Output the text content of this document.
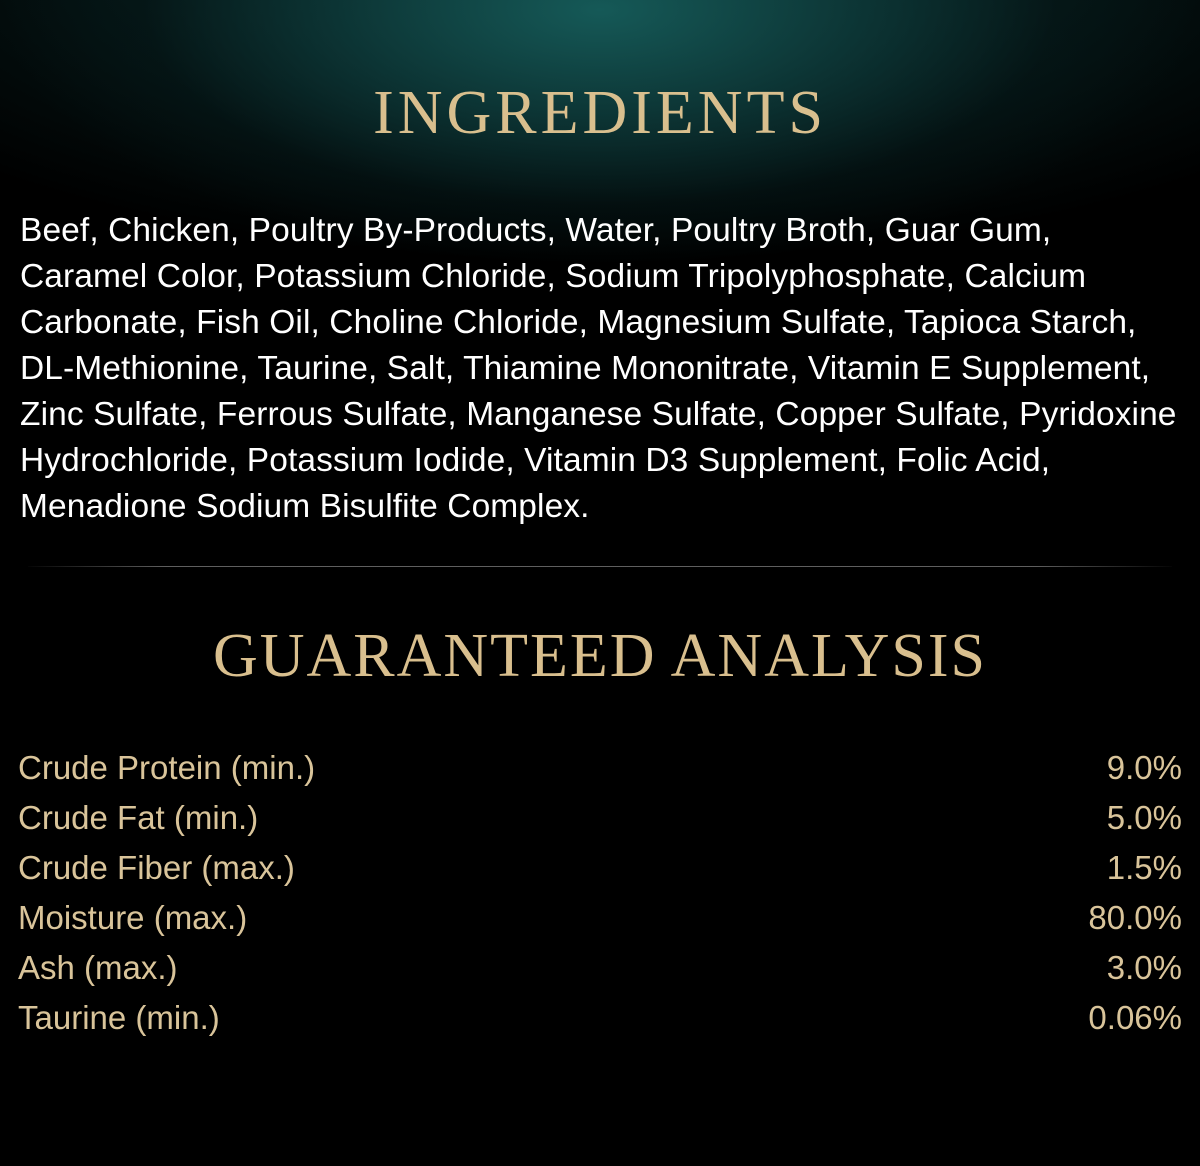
INGREDIENTS

Beef, Chicken, Poultry By-Products, Water, Poultry Broth, Guar Gum, Caramel Color, Potassium Chloride, Sodium Tripolyphosphate, Calcium Carbonate, Fish Oil, Choline Chloride, Magnesium Sulfate, Tapioca Starch, DL-Methionine, Taurine, Salt, Thiamine Mononitrate, Vitamin E Supplement, Zinc Sulfate, Ferrous Sulfate, Manganese Sulfate, Copper Sulfate, Pyridoxine Hydrochloride, Potassium Iodide, Vitamin D3 Supplement, Folic Acid, Menadione Sodium Bisulfite Complex.

GUARANTEED ANALYSIS
Crude Protein (min.)	9.0%
Crude Fat (min.)	5.0%
Crude Fiber (max.)	1.5%
Moisture (max.)	80.0%
Ash (max.)	3.0%
Taurine (min.)	0.06%
